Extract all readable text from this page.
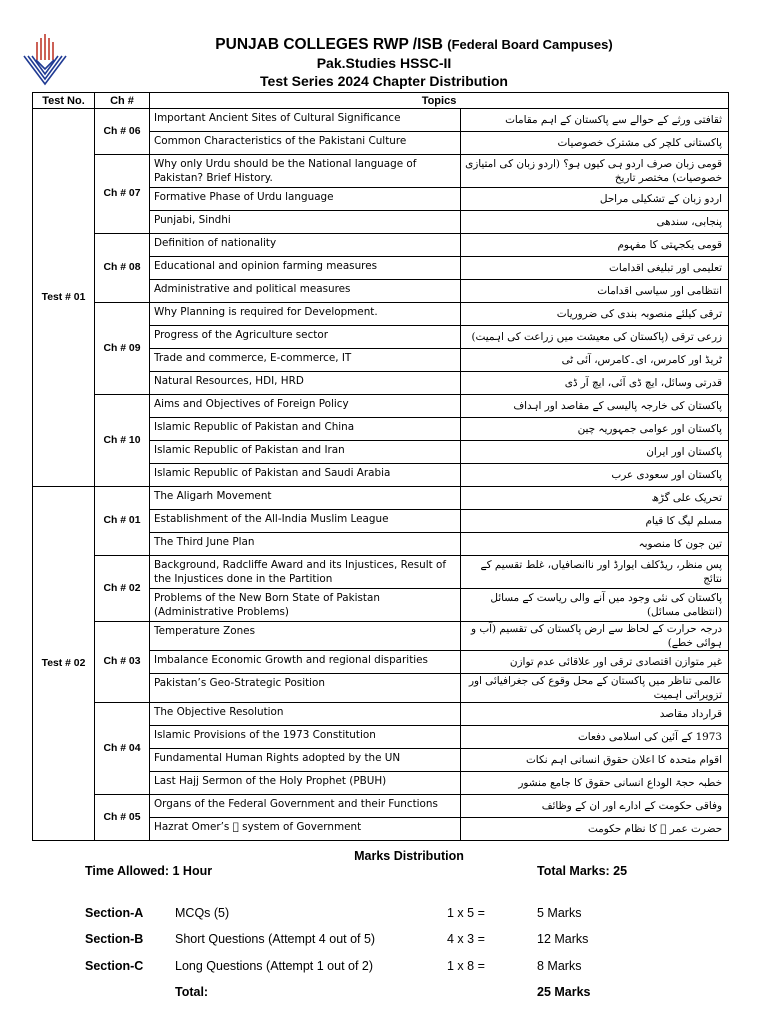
PUNJAB COLLEGES RWP /ISB (Federal Board Campuses)
Pak.Studies HSSC-II
Test Series 2024 Chapter Distribution
Test No.	Ch #	Topics	
Test # 01	Ch # 06	Important Ancient Sites of Cultural Significance	ثقافتی ورثے کے حوالے سے پاکستان کے اہم مقامات
		Common Characteristics of the Pakistani Culture	پاکستانی کلچر کی مشترک خصوصیات
	Ch # 07	Why only Urdu should be the National language of Pakistan? Brief History.	قومی زبان صرف اردو ہی کیوں ہو؟ (اردو زبان کی امتیازی خصوصیات) مختصر تاریخ
		Formative Phase of Urdu language	اردو زبان کے تشکیلی مراحل
		Punjabi, Sindhi	پنجابی، سندھی
	Ch # 08	Definition of nationality	قومی یکجہتی کا مفہوم
		Educational and opinion farming measures	تعلیمی اور تبلیغی اقدامات
		Administrative and political measures	انتظامی اور سیاسی اقدامات
	Ch # 09	Why Planning is required for Development.	ترقی کیلئے منصوبہ بندی کی ضروریات
		Progress of the Agriculture sector	زرعی ترقی (پاکستان کی معیشت میں زراعت کی اہمیت)
		Trade and commerce, E-commerce, IT	ٹریڈ اور کامرس، ای۔کامرس، آئی ٹی
		Natural Resources, HDI, HRD	قدرتی وسائل، ایچ ڈی آئی، ایچ آر ڈی
	Ch # 10	Aims and Objectives of Foreign Policy	پاکستان کی خارجہ پالیسی کے مقاصد اور اہداف
		Islamic Republic of Pakistan and China	پاکستان اور عوامی جمہوریہ چین
		Islamic Republic of Pakistan and Iran	پاکستان اور ایران
		Islamic Republic of Pakistan and Saudi Arabia	پاکستان اور سعودی عرب
Test # 02	Ch # 01	The Aligarh Movement	تحریک علی گڑھ
		Establishment of the All-India Muslim League	مسلم لیگ کا قیام
		The Third June Plan	تین جون کا منصوبہ
	Ch # 02	Background, Radcliffe Award and its Injustices, Result of the Injustices done in the Partition	پس منظر، ریڈکلف ایوارڈ اور ناانصافیاں، غلط تقسیم کے نتائج
		Problems of the New Born State of Pakistan (Administrative Problems)	پاکستان کی نئی وجود میں آنے والی ریاست کے مسائل (انتظامی مسائل)
	Ch # 03	Temperature Zones	درجہ حرارت کے لحاظ سے ارض پاکستان کی تقسیم (آب و ہوائی خطے)
		Imbalance Economic Growth and regional disparities	غیر متوازن اقتصادی ترقی اور علاقائی عدم توازن
		Pakistan’s Geo-Strategic Position	عالمی تناظر میں پاکستان کے محل وقوع کی جغرافیائی اور تزویراتی اہمیت
	Ch # 04	The Objective Resolution	قرارداد مقاصد
		Islamic Provisions of the 1973 Constitution	1973 کے آئین کی اسلامی دفعات
		Fundamental Human Rights adopted by the UN	اقوام متحدہ کا اعلان حقوق انسانی اہم نکات
		Last Hajj Sermon of the Holy Prophet (PBUH)	خطبہ حجۃ الوداع انسانی حقوق کا جامع منشور
	Ch # 05	Organs of the Federal Government and their Functions	وفاقی حکومت کے ادارے اور ان کے وظائف
		Hazrat Omer’s ﷜ system of Government	حضرت عمر ﷜ کا نظام حکومت
Marks Distribution
Time Allowed: 1 Hour	Total Marks: 25
Section-A	MCQs (5)	1 x 5 =	5 Marks
Section-B	Short Questions (Attempt 4 out of 5)	4 x 3 =	12 Marks
Section-C	Long Questions (Attempt 1 out of 2)	1 x 8 =	8 Marks
Total:	25 Marks
